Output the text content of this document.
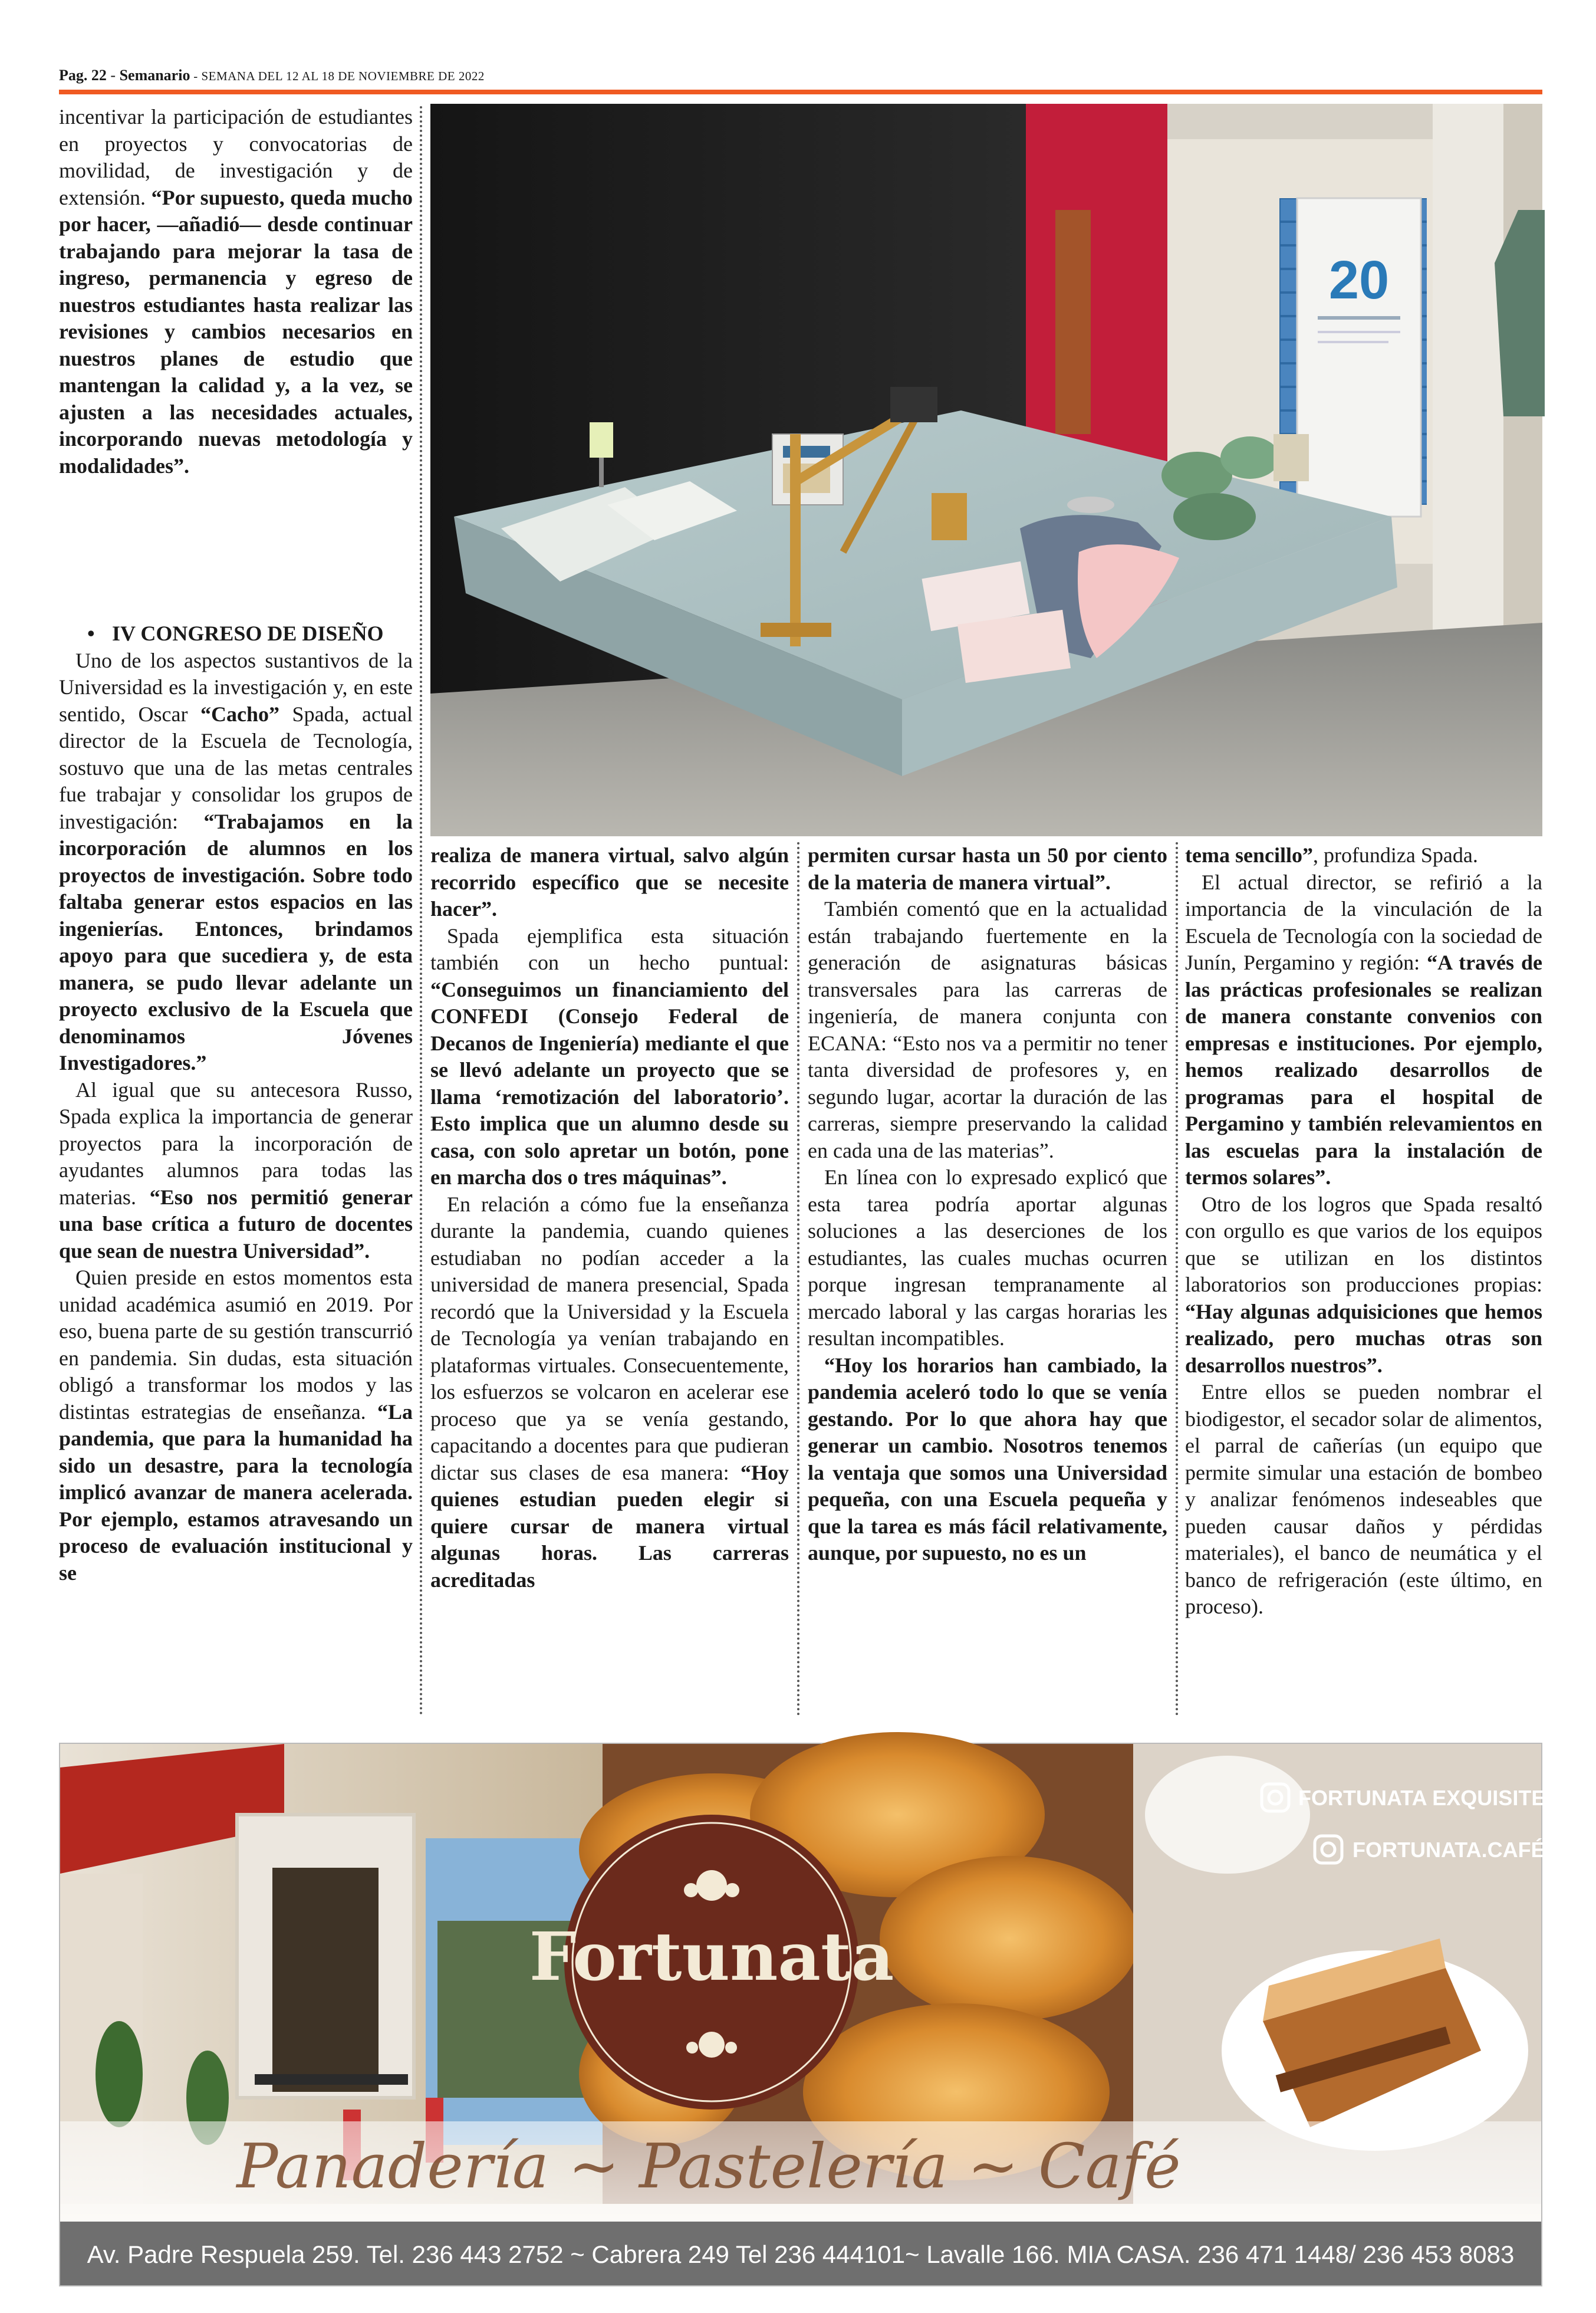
Pag. 22 - Semanario - SEMANA DEL 12 AL 18 DE NOVIEMBRE DE 2022

incentivar la participación de estudiantes en proyectos y convocatorias de movilidad, de investigación y de extensión. “Por supuesto, queda mucho por hacer, —añadió— desde continuar trabajando para mejorar la tasa de ingreso, permanencia y egreso de nuestros estudiantes hasta realizar las revisiones y cambios necesarios en nuestros planes de estudio que mantengan la calidad y, a la vez, se ajusten a las necesidades actuales, incorporando nuevas metodología y modalidades”.

• IV CONGRESO DE DISEÑO

Uno de los aspectos sustantivos de la Universidad es la investigación y, en este sentido, Oscar “Cacho” Spada, actual director de la Escuela de Tecnología, sostuvo que una de las metas centrales fue trabajar y consolidar los grupos de investigación: “Trabajamos en la incorporación de alumnos en los proyectos de investigación. Sobre todo faltaba generar estos espacios en las ingenierías. Entonces, brindamos apoyo para que sucediera y, de esta manera, se pudo llevar adelante un proyecto exclusivo de la Escuela que denominamos Jóvenes Investigadores.”

Al igual que su antecesora Russo, Spada explica la importancia de generar proyectos para la incorporación de ayudantes alumnos para todas las materias. “Eso nos permitió generar una base crítica a futuro de docentes que sean de nuestra Universidad”.

Quien preside en estos momentos esta unidad académica asumió en 2019. Por eso, buena parte de su gestión transcurrió en pandemia. Sin dudas, esta situación obligó a transformar los modos y las distintas estrategias de enseñanza. “La pandemia, que para la humanidad ha sido un desastre, para la tecnología implicó avanzar de manera acelerada. Por ejemplo, estamos atravesando un proceso de evaluación institucional y se

20

realiza de manera virtual, salvo algún recorrido específico que se necesite hacer”.

Spada ejemplifica esta situación también con un hecho puntual: “Conseguimos un financiamiento del CONFEDI (Consejo Federal de Decanos de Ingeniería) mediante el que se llevó adelante un proyecto que se llama ‘remotización del laboratorio’. Esto implica que un alumno desde su casa, con solo apretar un botón, pone en marcha dos o tres máquinas”.

En relación a cómo fue la enseñanza durante la pandemia, cuando quienes estudiaban no podían acceder a la universidad de manera presencial, Spada recordó que la Universidad y la Escuela de Tecnología ya venían trabajando en plataformas virtuales. Consecuentemente, los esfuerzos se volcaron en acelerar ese proceso que ya se venía gestando, capacitando a docentes para que pudieran dictar sus clases de esa manera: “Hoy quienes estudian pueden elegir si quiere cursar de manera virtual algunas horas. Las carreras acreditadas

permiten cursar hasta un 50 por ciento de la materia de manera virtual”.

También comentó que en la actualidad están trabajando fuertemente en la generación de asignaturas básicas transversales para las carreras de ingeniería, de manera conjunta con ECANA: “Esto nos va a permitir no tener tanta diversidad de profesores y, en segundo lugar, acortar la duración de las carreras, siempre preservando la calidad en cada una de las materias”.

En línea con lo expresado explicó que esta tarea podría aportar algunas soluciones a las deserciones de los estudiantes, las cuales muchas ocurren porque ingresan tempranamente al mercado laboral y las cargas horarias les resultan incompatibles.

“Hoy los horarios han cambiado, la pandemia aceleró todo lo que se venía gestando. Por lo que ahora hay que generar un cambio. Nosotros tenemos la ventaja que somos una Universidad pequeña, con una Escuela pequeña y que la tarea es más fácil relativamente, aunque, por supuesto, no es un

tema sencillo”, profundiza Spada.

El actual director, se refirió a la importancia de la vinculación de la Escuela de Tecnología con la sociedad de Junín, Pergamino y región: “A través de las prácticas profesionales se realizan de manera constante convenios con empresas e instituciones. Por ejemplo, hemos realizado desarrollos de programas para el hospital de Pergamino y también relevamientos en las escuelas para la instalación de termos solares”.

Otro de los logros que Spada resaltó con orgullo es que varios de los equipos que se utilizan en los distintos laboratorios son producciones propias: “Hay algunas adquisiciones que hemos realizado, pero muchas otras son desarrollos nuestros”.

Entre ellos se pueden nombrar el biodigestor, el secador solar de alimentos, el parral de cañerías (un equipo que permite simular una estación de bombeo y analizar fenómenos indeseables que pueden causar daños y pérdidas materiales), el banco de neumática y el banco de refrigeración (este último, en proceso).

Fortunata
Panadería ~ Pastelería ~ Café
FORTUNATA EXQUISITECES
FORTUNATA.CAFÉ
Av. Padre Respuela 259. Tel. 236 443 2752 ~ Cabrera 249 Tel 236 444101~ Lavalle 166. MIA CASA. 236 471 1448/ 236 453 8083
